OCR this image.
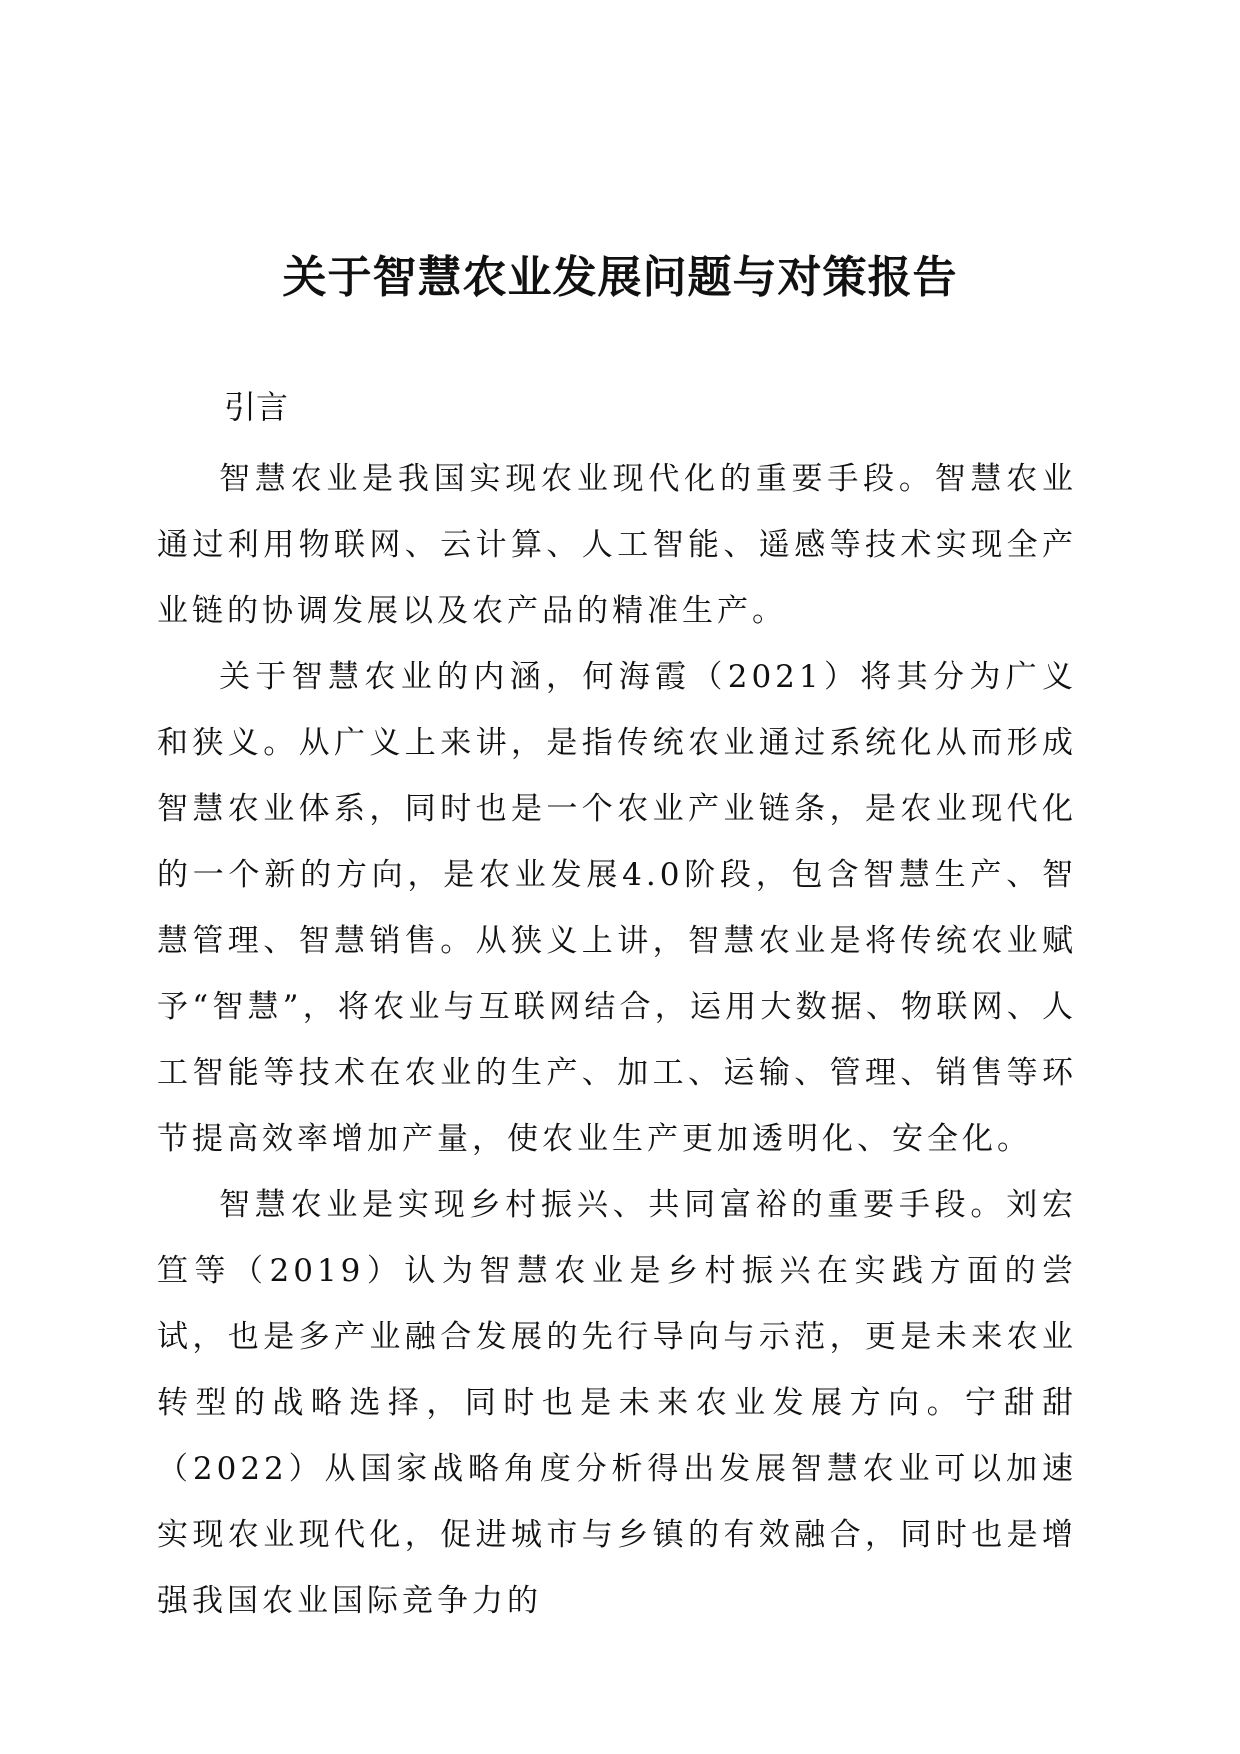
关于智慧农业发展问题与对策报告
引言

智慧农业是我国实现农业现代化的重要手段。智慧农业通过利用物联网、云计算、人工智能、遥感等技术实现全产业链的协调发展以及农产品的精准生产。

关于智慧农业的内涵，何海霞（2021）将其分为广义和狭义。从广义上来讲，是指传统农业通过系统化从而形成智慧农业体系，同时也是一个农业产业链条，是农业现代化的一个新的方向，是农业发展4.0阶段，包含智慧生产、智慧管理、智慧销售。从狭义上讲，智慧农业是将传统农业赋予“智慧”，将农业与互联网结合，运用大数据、物联网、人工智能等技术在农业的生产、加工、运输、管理、销售等环节提高效率增加产量，使农业生产更加透明化、安全化。

智慧农业是实现乡村振兴、共同富裕的重要手段。刘宏笪等（2019）认为智慧农业是乡村振兴在实践方面的尝试，也是多产业融合发展的先行导向与示范，更是未来农业转型的战略选择，同时也是未来农业发展方向。宁甜甜（2022）从国家战略角度分析得出发展智慧农业可以加速实现农业现代化，促进城市与乡镇的有效融合，同时也是增强我国农业国际竞争力的
